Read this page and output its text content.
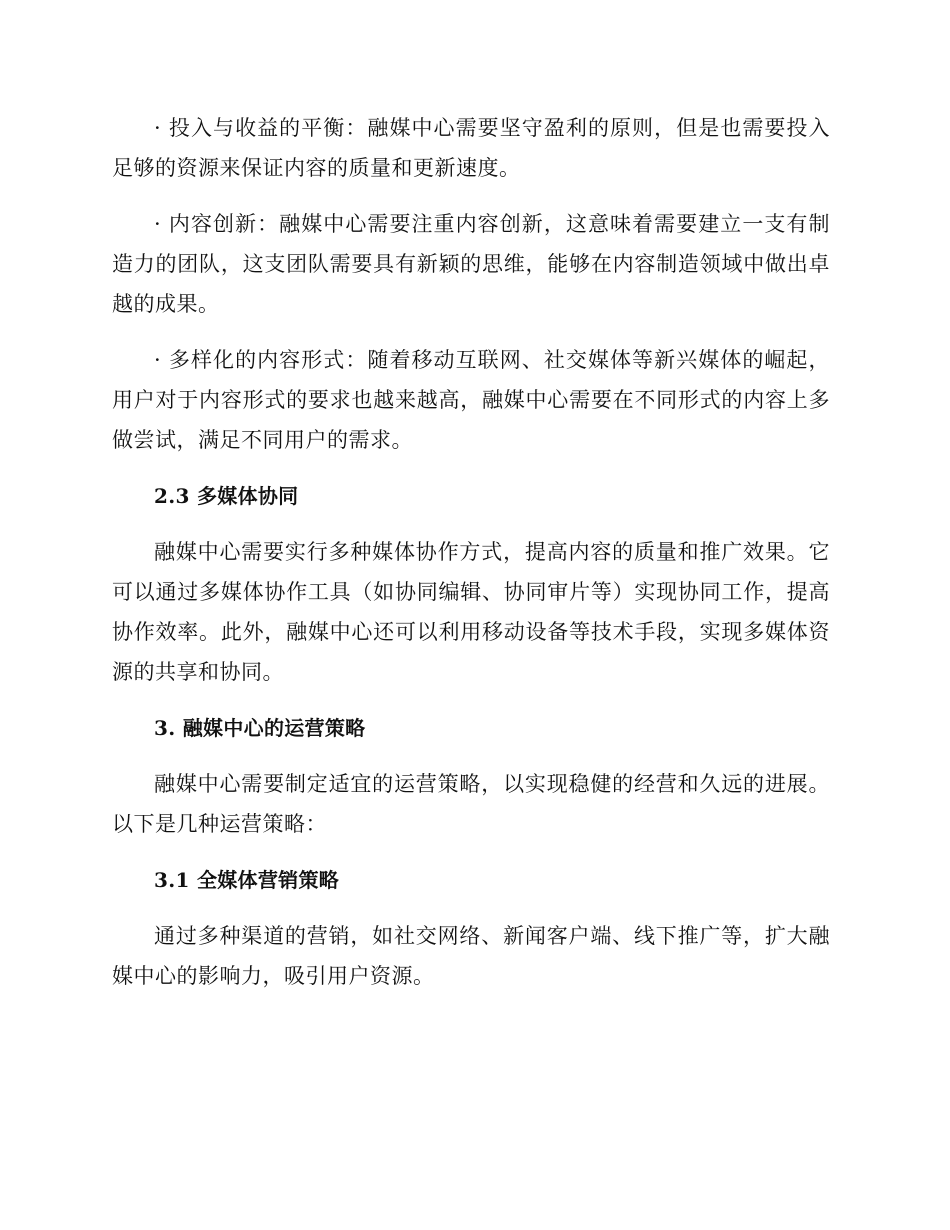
· 投入与收益的平衡：融媒中心需要坚守盈利的原则，但是也需要投入足够的资源来保证内容的质量和更新速度。

· 内容创新：融媒中心需要注重内容创新，这意味着需要建立一支有制造力的团队，这支团队需要具有新颖的思维，能够在内容制造领域中做出卓越的成果。

· 多样化的内容形式：随着移动互联网、社交媒体等新兴媒体的崛起，用户对于内容形式的要求也越来越高，融媒中心需要在不同形式的内容上多做尝试，满足不同用户的需求。

2.3 多媒体协同

融媒中心需要实行多种媒体协作方式，提高内容的质量和推广效果。它可以通过多媒体协作工具（如协同编辑、协同审片等）实现协同工作，提高协作效率。此外，融媒中心还可以利用移动设备等技术手段，实现多媒体资源的共享和协同。

3. 融媒中心的运营策略

融媒中心需要制定适宜的运营策略，以实现稳健的经营和久远的进展。以下是几种运营策略：

3.1 全媒体营销策略

通过多种渠道的营销，如社交网络、新闻客户端、线下推广等，扩大融媒中心的影响力，吸引用户资源。
